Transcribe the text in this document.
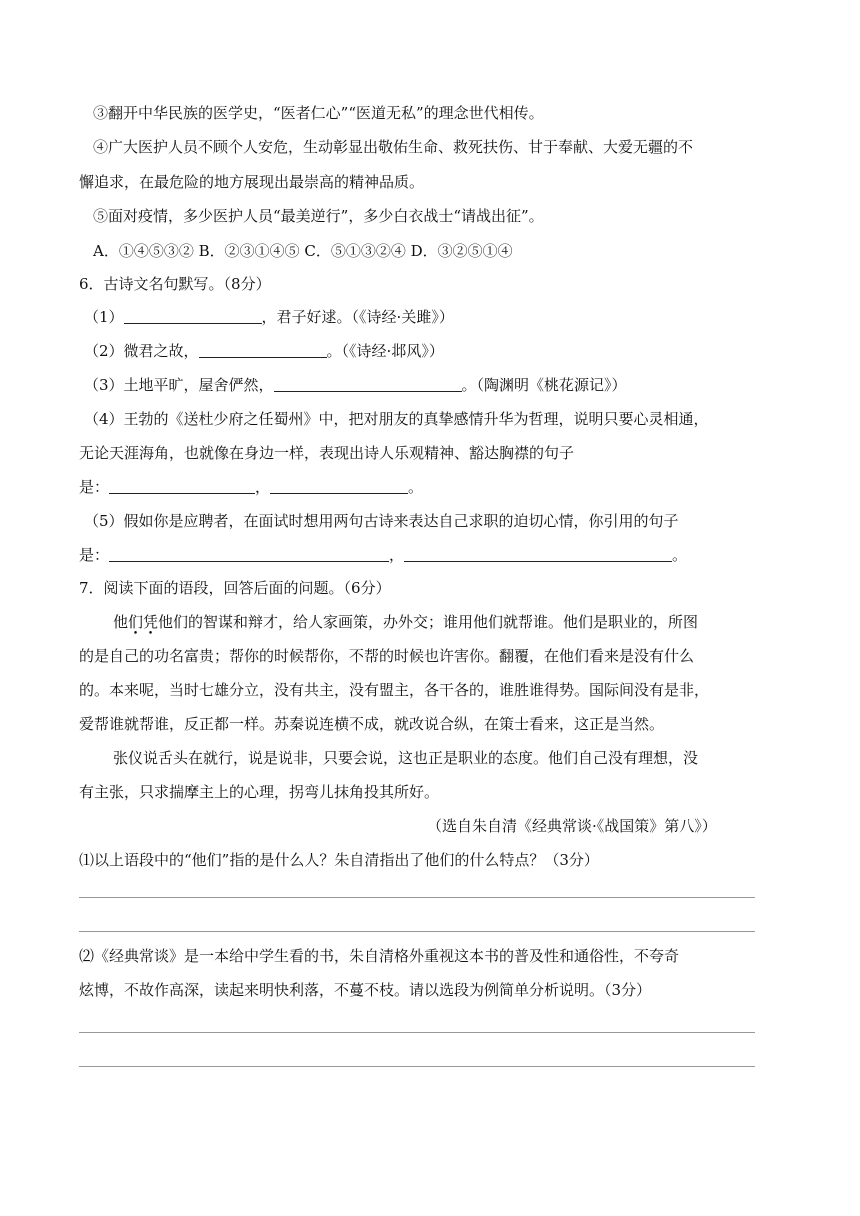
③翻开中华民族的医学史，“医者仁心”“医道无私”的理念世代相传。
④广大医护人员不顾个人安危，生动彰显出敬佑生命、救死扶伤、甘于奉献、大爱无疆的不
懈追求，在最危险的地方展现出最崇高的精神品质。
⑤面对疫情，多少医护人员“最美逆行”，多少白衣战士“请战出征”。
A．①④⑤③② B．②③①④⑤ C．⑤①③②④ D．③②⑤①④
6．古诗文名句默写。（8分）
（1）	，君子好逑。（《诗经·关雎》）
（2）微君之故，	。（《诗经·邶风》）
（3）土地平旷，屋舍俨然，	。（陶渊明《桃花源记》）
（4）王勃的《送杜少府之任蜀州》中，把对朋友的真挚感情升华为哲理，说明只要心灵相通，
无论天涯海角，也就像在身边一样，表现出诗人乐观精神、豁达胸襟的句子
是：	，	。
（5）假如你是应聘者，在面试时想用两句古诗来表达自己求职的迫切心情，你引用的句子
是：	，	。
7．阅读下面的语段，回答后面的问题。（6分）
他们凭他们的智谋和辩才，给人家画策，办外交；谁用他们就帮谁。他们是职业的，所图
的是自己的功名富贵；帮你的时候帮你，不帮的时候也许害你。翻覆，在他们看来是没有什么
的。本来呢，当时七雄分立，没有共主，没有盟主，各干各的，谁胜谁得势。国际间没有是非，
爱帮谁就帮谁，反正都一样。苏秦说连横不成，就改说合纵，在策士看来，这正是当然。
张仪说舌头在就行，说是说非，只要会说，这也正是职业的态度。他们自己没有理想，没
有主张，只求揣摩主上的心理，拐弯儿抹角投其所好。
（选自朱自清《经典常谈·《战国策》第八》）
⑴以上语段中的“他们”指的是什么人？朱自清指出了他们的什么特点？（3分）
⑵《经典常谈》是一本给中学生看的书，朱自清格外重视这本书的普及性和通俗性，不夸奇
炫博，不故作高深，读起来明快利落，不蔓不枝。请以选段为例简单分析说明。（3分）
